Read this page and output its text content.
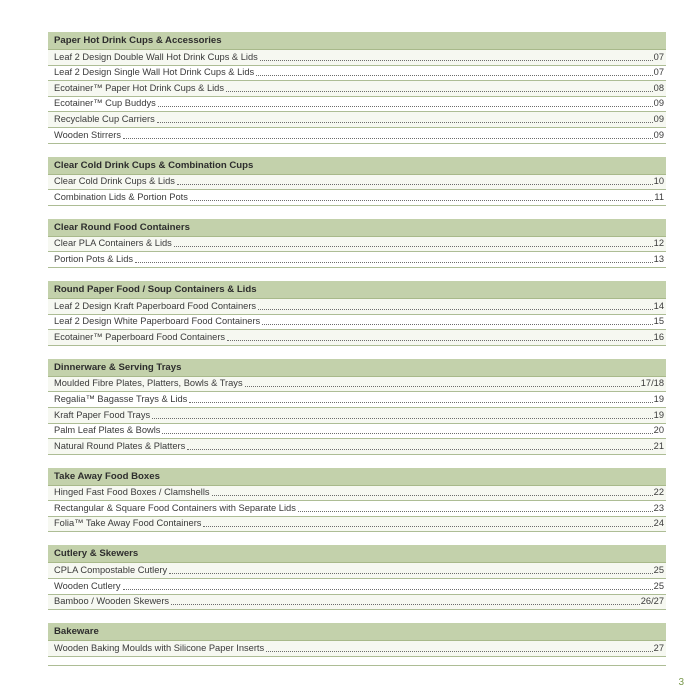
Paper Hot Drink Cups & Accessories
Leaf 2 Design Double Wall Hot Drink Cups & Lids	07
Leaf 2 Design Single Wall Hot Drink Cups & Lids	07
Ecotainer™ Paper Hot Drink Cups & Lids	08
Ecotainer™ Cup Buddys	09
Recyclable Cup Carriers	09
Wooden Stirrers	09
Clear Cold Drink Cups & Combination Cups
Clear Cold Drink Cups & Lids	10
Combination Lids & Portion Pots	11
Clear Round Food Containers
Clear PLA Containers & Lids	12
Portion Pots & Lids	13
Round Paper Food / Soup Containers & Lids
Leaf 2 Design Kraft Paperboard Food Containers	14
Leaf 2 Design White Paperboard Food Containers	15
Ecotainer™ Paperboard Food Containers	16
Dinnerware & Serving Trays
Moulded Fibre Plates, Platters, Bowls & Trays	17/18
Regalia™ Bagasse Trays & Lids	19
Kraft Paper Food Trays	19
Palm Leaf Plates & Bowls	20
Natural Round Plates & Platters	21
Take Away Food Boxes
Hinged Fast Food Boxes / Clamshells	22
Rectangular & Square Food Containers with Separate Lids	23
Folia™ Take Away Food Containers	24
Cutlery & Skewers
CPLA Compostable Cutlery	25
Wooden Cutlery	25
Bamboo / Wooden Skewers	26/27
Bakeware
Wooden Baking Moulds with Silicone Paper Inserts	27
3
